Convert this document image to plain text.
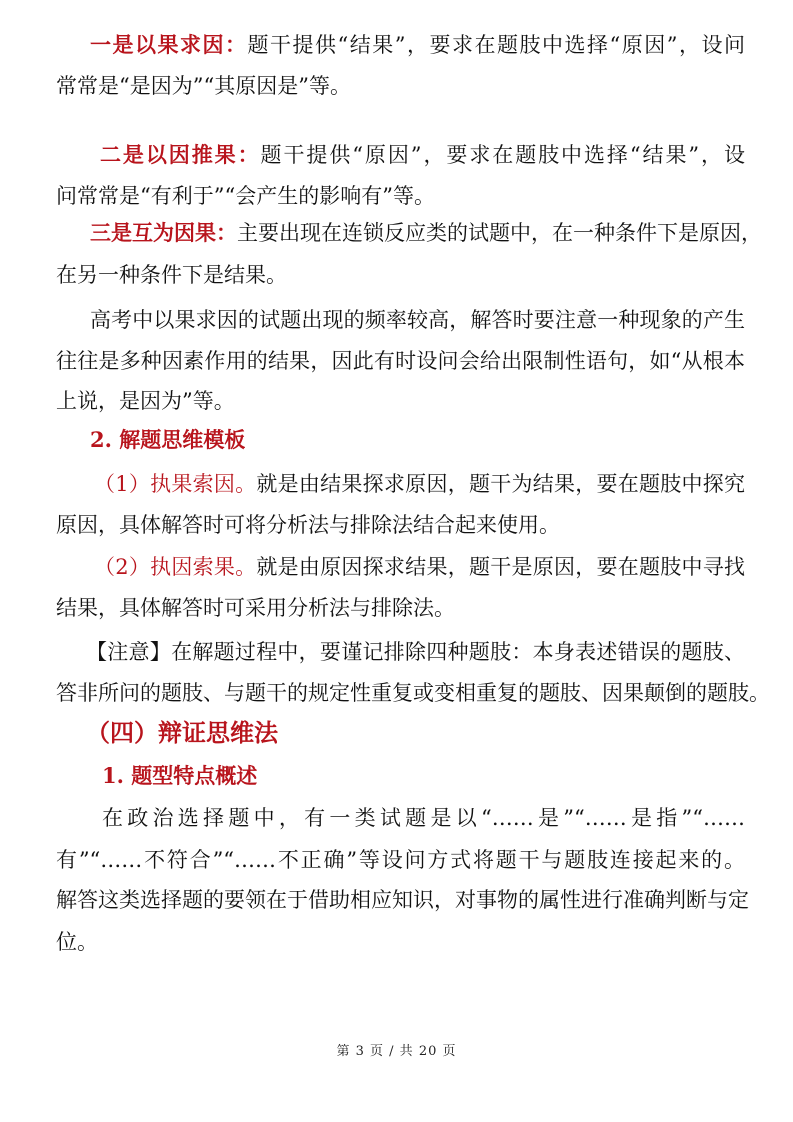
一是以果求因：题干提供“结果”，要求在题肢中选择“原因”，设问
常常是“是因为”“其原因是”等。
二是以因推果：题干提供“原因”，要求在题肢中选择“结果”，设
问常常是“有利于”“会产生的影响有”等。
三是互为因果：主要出现在连锁反应类的试题中，在一种条件下是原因，
在另一种条件下是结果。
高考中以果求因的试题出现的频率较高，解答时要注意一种现象的产生
往往是多种因素作用的结果，因此有时设问会给出限制性语句，如“从根本
上说，是因为”等。
2. 解题思维模板
（1）执果索因。就是由结果探求原因，题干为结果，要在题肢中探究
原因，具体解答时可将分析法与排除法结合起来使用。
（2）执因索果。就是由原因探求结果，题干是原因，要在题肢中寻找
结果，具体解答时可采用分析法与排除法。
【注意】在解题过程中，要谨记排除四种题肢：本身表述错误的题肢、
答非所问的题肢、与题干的规定性重复或变相重复的题肢、因果颠倒的题肢。
（四）辩证思维法
1. 题型特点概述
在政治选择题中，有一类试题是以“……是”“……是指”“……
有”“……不符合”“……不正确”等设问方式将题干与题肢连接起来的。
解答这类选择题的要领在于借助相应知识，对事物的属性进行准确判断与定
位。
第 3 页 / 共 20 页
